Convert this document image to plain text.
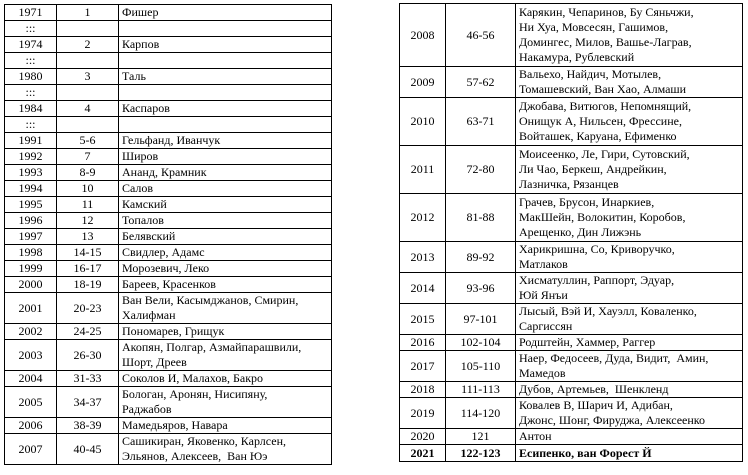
1971	1	Фишер

:::		

1974	2	Карпов

:::		

1980	3	Таль

:::		

1984	4	Каспаров

:::		

1991	5-6	Гельфанд, Иванчук

1992	7	Широв

1993	8-9	Ананд, Крамник

1994	10	Салов

1995	11	Камский

1996	12	Топалов

1997	13	Белявский

1998	14-15	Свидлер, Адамс

1999	16-17	Морозевич, Леко

2000	18-19	Бареев, Красенков

2001	20-23	Ван Вели, Касымджанов, Смирин,
Халифман

2002	24-25	Пономарев, Грищук

2003	26-30	Акопян, Полгар, Азмайпарашвили,
Шорт, Дреев

2004	31-33	Соколов И, Малахов, Бакро

2005	34-37	Бологан, Аронян, Нисипяну,
Раджабов

2006	38-39	Мамедьяров, Навара

2007	40-45	Сашикиран, Яковенко, Карлсен,
Эльянов, Алексеев,  Ван Юэ
2008	46-56	Карякин, Чепаринов, Бу Сяньчжи,
Ни Хуа, Мовсесян, Гашимов,
Домингес, Милов, Вашье-Лаграв,
Накамура, Рублевский

2009	57-62	Вальехо, Найдич, Мотылев,
Томашевский, Ван Хао, Алмаши

2010	63-71	Джобава, Витюгов, Непомнящий,
Онищук А, Нильсен, Фрессине,
Войташек, Каруана, Ефименко

2011	72-80	Моисеенко, Ле, Гири, Сутовский,
Ли Чао, Беркеш, Андрейкин,
Лазничка, Рязанцев

2012	81-88	Грачев, Брусон, Инаркиев,
МакШейн, Волокитин, Коробов,
Арещенко, Дин Лижэнь

2013	89-92	Харикришна, Со, Криворучко,
Матлаков

2014	93-96	Хисматуллин, Раппорт, Эдуар,
Юй Янъи

2015	97-101	Лысый, Вэй И, Хауэлл, Коваленко,
Саргиссян

2016	102-104	Родштейн, Хаммер, Раггер

2017	105-110	Наер, Федосеев, Дуда, Видит,  Амин,
Мамедов

2018	111-113	Дубов, Артемьев,  Шенкленд

2019	114-120	Ковалев В, Шарич И, Адибан,
Джонс, Шонг, Фируджа, Алексеенко

2020	121	Антон

2021	122-123	Есипенко, ван Форест Й
